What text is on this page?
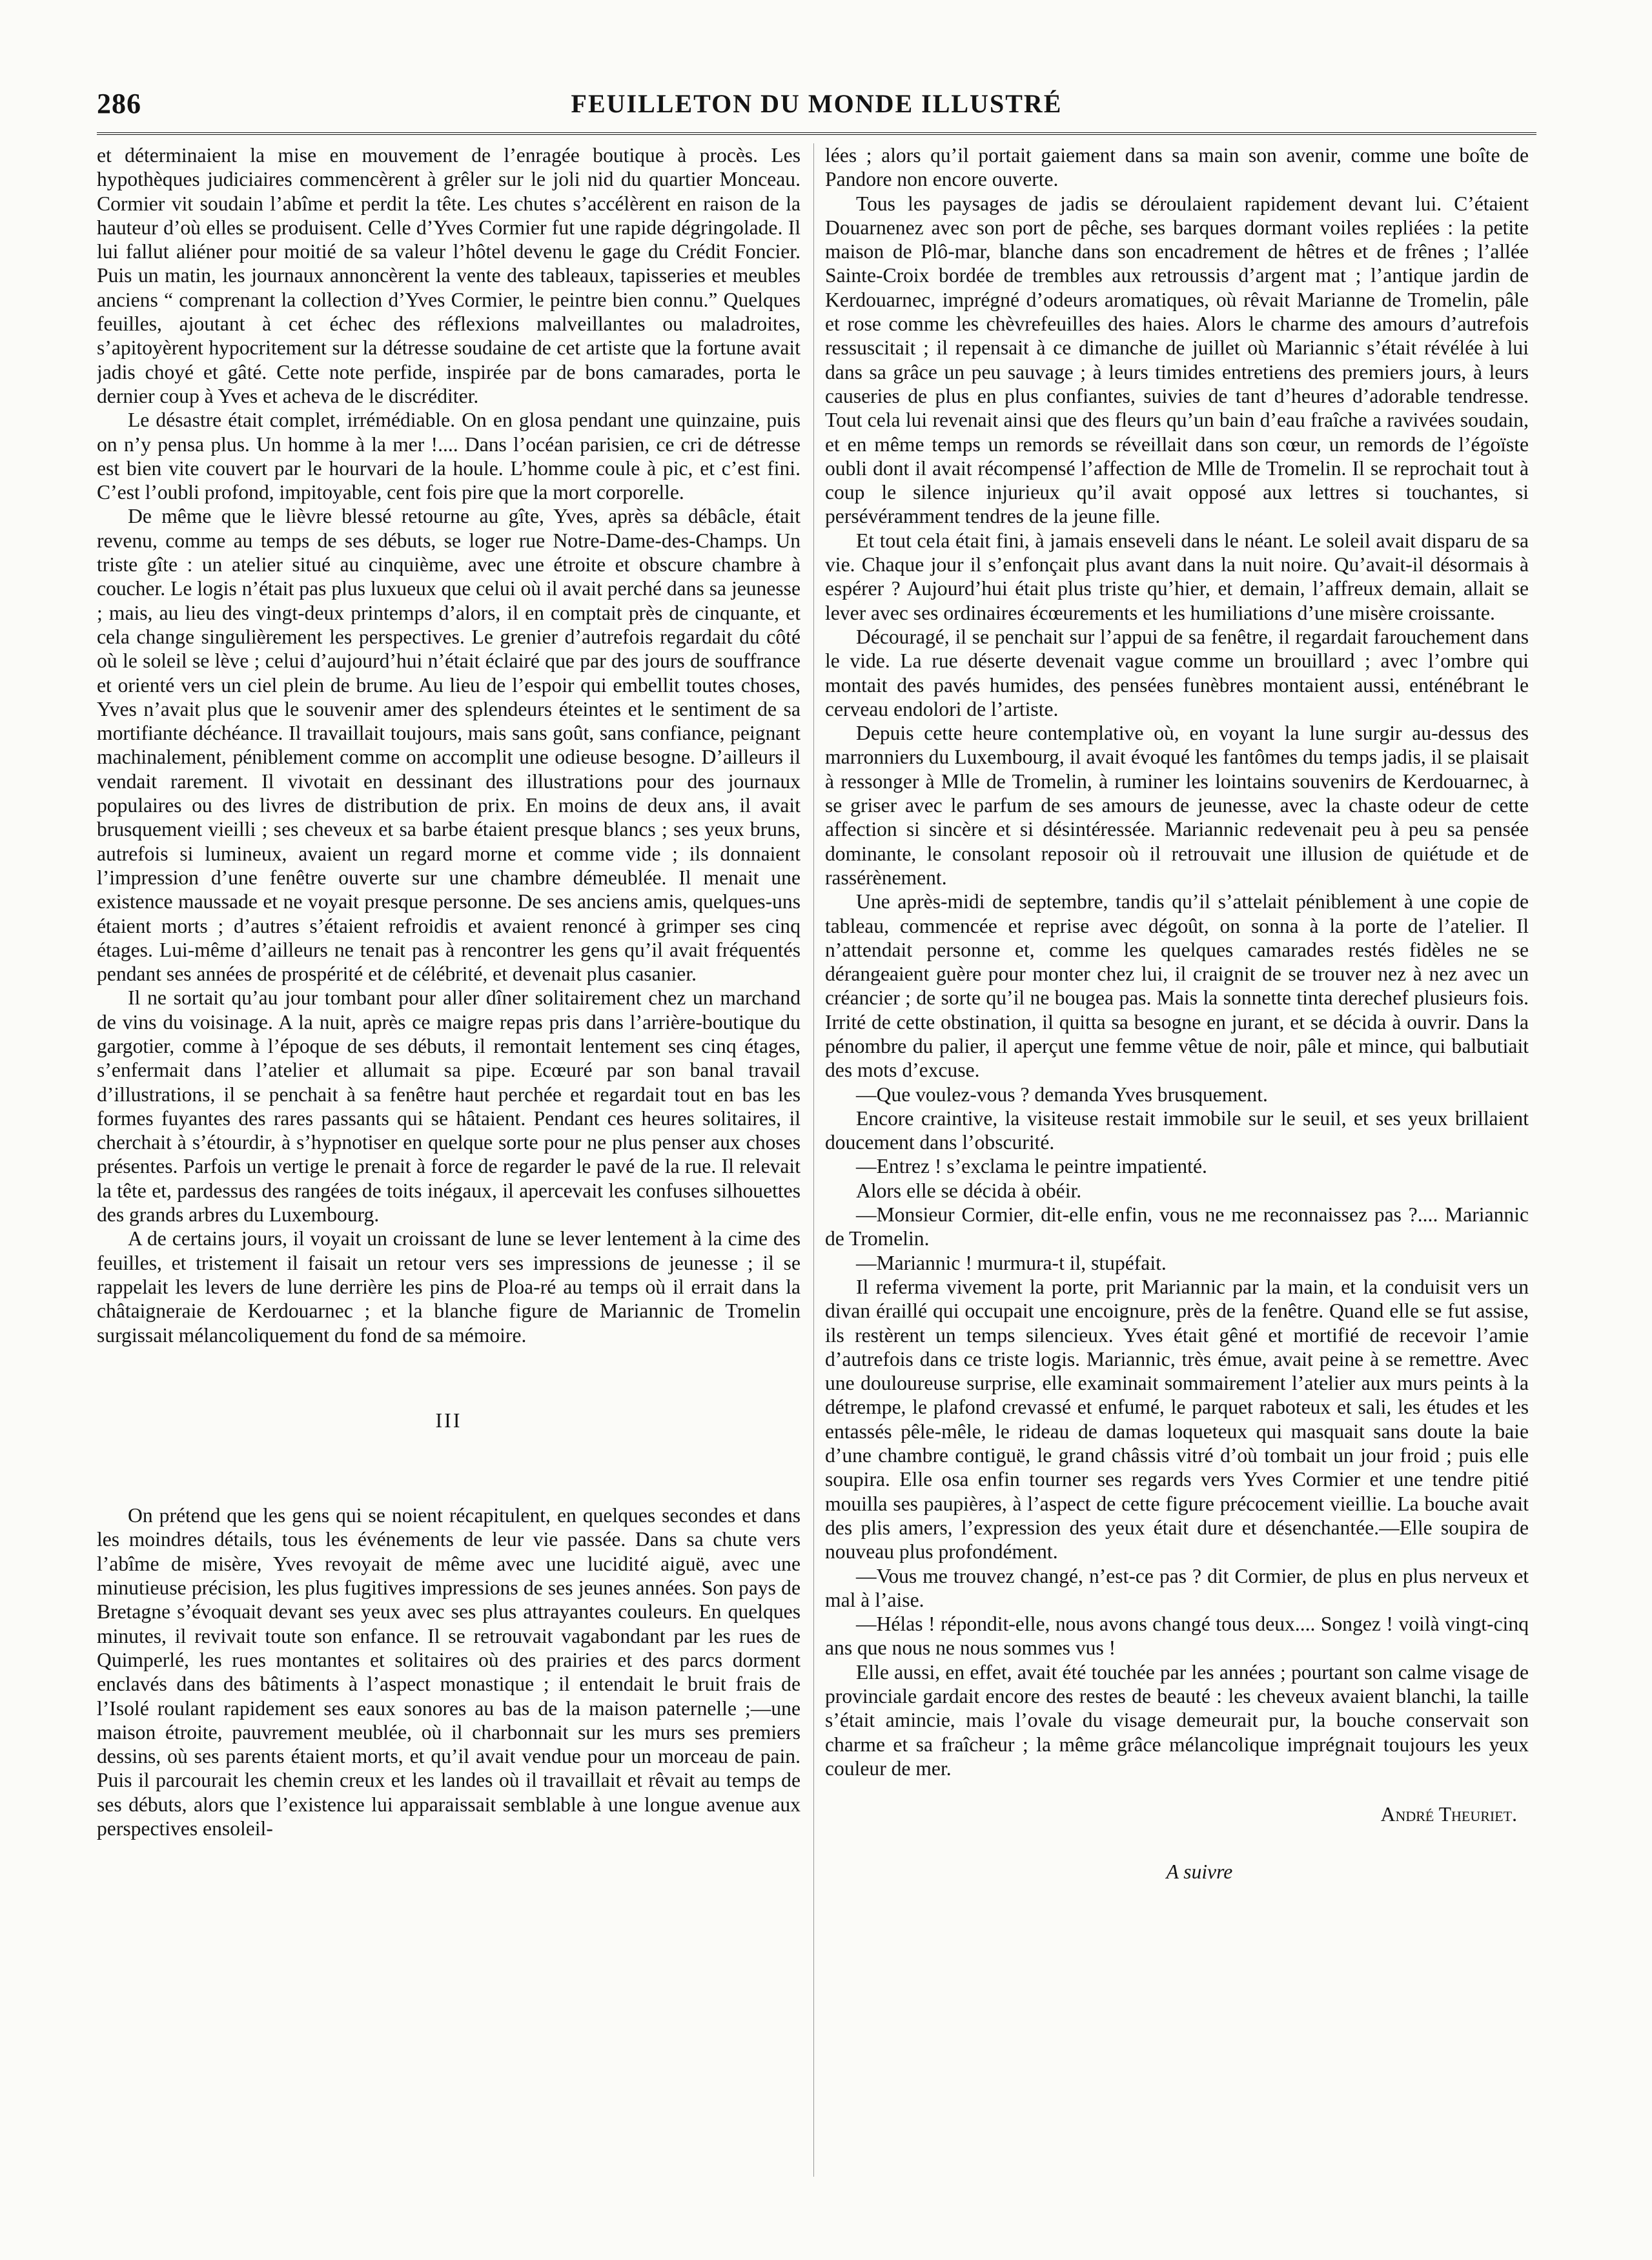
286	FEUILLETON DU MONDE ILLUSTRÉ

et déterminaient la mise en mouvement de l’enragée boutique à procès. Les hypothèques judiciaires commencèrent à grêler sur le joli nid du quartier Monceau. Cormier vit soudain l’abîme et perdit la tête. Les chutes s’accélèrent en raison de la hauteur d’où elles se produisent. Celle d’Yves Cormier fut une rapide dégringolade. Il lui fallut aliéner pour moitié de sa valeur l’hôtel devenu le gage du Crédit Foncier. Puis un matin, les journaux annoncèrent la vente des tableaux, tapisseries et meubles anciens “ comprenant la collection d’Yves Cormier, le peintre bien connu.” Quelques feuilles, ajoutant à cet échec des réflexions malveillantes ou maladroites, s’apitoyèrent hypocritement sur la détresse soudaine de cet artiste que la fortune avait jadis choyé et gâté. Cette note perfide, inspirée par de bons camarades, porta le dernier coup à Yves et acheva de le discréditer.

Le désastre était complet, irrémédiable. On en glosa pendant une quinzaine, puis on n’y pensa plus. Un homme à la mer !.... Dans l’océan parisien, ce cri de détresse est bien vite couvert par le hourvari de la houle. L’homme coule à pic, et c’est fini. C’est l’oubli profond, impitoyable, cent fois pire que la mort corporelle.

De même que le lièvre blessé retourne au gîte, Yves, après sa débâcle, était revenu, comme au temps de ses débuts, se loger rue Notre-Dame-des-Champs. Un triste gîte : un atelier situé au cinquième, avec une étroite et obscure chambre à coucher. Le logis n’était pas plus luxueux que celui où il avait perché dans sa jeunesse ; mais, au lieu des vingt-deux printemps d’alors, il en comptait près de cinquante, et cela change singulièrement les perspectives. Le grenier d’autrefois regardait du côté où le soleil se lève ; celui d’aujourd’hui n’était éclairé que par des jours de souffrance et orienté vers un ciel plein de brume. Au lieu de l’espoir qui embellit toutes choses, Yves n’avait plus que le souvenir amer des splendeurs éteintes et le sentiment de sa mortifiante déchéance. Il travaillait toujours, mais sans goût, sans confiance, peignant machinalement, péniblement comme on accomplit une odieuse besogne. D’ailleurs il vendait rarement. Il vivotait en dessinant des illustrations pour des journaux populaires ou des livres de distribution de prix. En moins de deux ans, il avait brusquement vieilli ; ses cheveux et sa barbe étaient presque blancs ; ses yeux bruns, autrefois si lumineux, avaient un regard morne et comme vide ; ils donnaient l’impression d’une fenêtre ouverte sur une chambre démeublée. Il menait une existence maussade et ne voyait presque personne. De ses anciens amis, quelques-uns étaient morts ; d’autres s’étaient refroidis et avaient renoncé à grimper ses cinq étages. Lui-même d’ailleurs ne tenait pas à rencontrer les gens qu’il avait fréquentés pendant ses années de prospérité et de célébrité, et devenait plus casanier.

Il ne sortait qu’au jour tombant pour aller dîner solitairement chez un marchand de vins du voisinage. A la nuit, après ce maigre repas pris dans l’arrière-boutique du gargotier, comme à l’époque de ses débuts, il remontait lentement ses cinq étages, s’enfermait dans l’atelier et allumait sa pipe. Ecœuré par son banal travail d’illustrations, il se penchait à sa fenêtre haut perchée et regardait tout en bas les formes fuyantes des rares passants qui se hâtaient. Pendant ces heures solitaires, il cherchait à s’étourdir, à s’hypnotiser en quelque sorte pour ne plus penser aux choses présentes. Parfois un vertige le prenait à force de regarder le pavé de la rue. Il relevait la tête et, pardessus des rangées de toits inégaux, il apercevait les confuses silhouettes des grands arbres du Luxembourg.

A de certains jours, il voyait un croissant de lune se lever lentement à la cime des feuilles, et tristement il faisait un retour vers ses impressions de jeunesse ; il se rappelait les levers de lune derrière les pins de Ploa-ré au temps où il errait dans la châtaigneraie de Kerdouarnec ; et la blanche figure de Mariannic de Tromelin surgissait mélancoliquement du fond de sa mémoire.

III

On prétend que les gens qui se noient récapitulent, en quelques secondes et dans les moindres détails, tous les événements de leur vie passée. Dans sa chute vers l’abîme de misère, Yves revoyait de même avec une lucidité aiguë, avec une minutieuse précision, les plus fugitives impressions de ses jeunes années. Son pays de Bretagne s’évoquait devant ses yeux avec ses plus attrayantes couleurs. En quelques minutes, il revivait toute son enfance. Il se retrouvait vagabondant par les rues de Quimperlé, les rues montantes et solitaires où des prairies et des parcs dorment enclavés dans des bâtiments à l’aspect monastique ; il entendait le bruit frais de l’Isolé roulant rapidement ses eaux sonores au bas de la maison paternelle ;—une maison étroite, pauvrement meublée, où il charbonnait sur les murs ses premiers dessins, où ses parents étaient morts, et qu’il avait vendue pour un morceau de pain. Puis il parcourait les chemin creux et les landes où il travaillait et rêvait au temps de ses débuts, alors que l’existence lui apparaissait semblable à une longue avenue aux perspectives ensoleil-

lées ; alors qu’il portait gaiement dans sa main son avenir, comme une boîte de Pandore non encore ouverte.

Tous les paysages de jadis se déroulaient rapidement devant lui. C’étaient Douarnenez avec son port de pêche, ses barques dormant voiles repliées : la petite maison de Plô-mar, blanche dans son encadrement de hêtres et de frênes ; l’allée Sainte-Croix bordée de trembles aux retroussis d’argent mat ; l’antique jardin de Kerdouarnec, imprégné d’odeurs aromatiques, où rêvait Marianne de Tromelin, pâle et rose comme les chèvrefeuilles des haies. Alors le charme des amours d’autrefois ressuscitait ; il repensait à ce dimanche de juillet où Mariannic s’était révélée à lui dans sa grâce un peu sauvage ; à leurs timides entretiens des premiers jours, à leurs causeries de plus en plus confiantes, suivies de tant d’heures d’adorable tendresse. Tout cela lui revenait ainsi que des fleurs qu’un bain d’eau fraîche a ravivées soudain, et en même temps un remords se réveillait dans son cœur, un remords de l’égoïste oubli dont il avait récompensé l’affection de Mlle de Tromelin. Il se reprochait tout à coup le silence injurieux qu’il avait opposé aux lettres si touchantes, si persévéramment tendres de la jeune fille.

Et tout cela était fini, à jamais enseveli dans le néant. Le soleil avait disparu de sa vie. Chaque jour il s’enfonçait plus avant dans la nuit noire. Qu’avait-il désormais à espérer ? Aujourd’hui était plus triste qu’hier, et demain, l’affreux demain, allait se lever avec ses ordinaires écœurements et les humiliations d’une misère croissante.

Découragé, il se penchait sur l’appui de sa fenêtre, il regardait farouchement dans le vide. La rue déserte devenait vague comme un brouillard ; avec l’ombre qui montait des pavés humides, des pensées funèbres montaient aussi, enténébrant le cerveau endolori de l’artiste.

Depuis cette heure contemplative où, en voyant la lune surgir au-dessus des marronniers du Luxembourg, il avait évoqué les fantômes du temps jadis, il se plaisait à ressonger à Mlle de Tromelin, à ruminer les lointains souvenirs de Kerdouarnec, à se griser avec le parfum de ses amours de jeunesse, avec la chaste odeur de cette affection si sincère et si désintéressée. Mariannic redevenait peu à peu sa pensée dominante, le consolant reposoir où il retrouvait une illusion de quiétude et de rassérènement.

Une après-midi de septembre, tandis qu’il s’attelait péniblement à une copie de tableau, commencée et reprise avec dégoût, on sonna à la porte de l’atelier. Il n’attendait personne et, comme les quelques camarades restés fidèles ne se dérangeaient guère pour monter chez lui, il craignit de se trouver nez à nez avec un créancier ; de sorte qu’il ne bougea pas. Mais la sonnette tinta derechef plusieurs fois. Irrité de cette obstination, il quitta sa besogne en jurant, et se décida à ouvrir. Dans la pénombre du palier, il aperçut une femme vêtue de noir, pâle et mince, qui balbutiait des mots d’excuse.

—Que voulez-vous ? demanda Yves brusquement.

Encore craintive, la visiteuse restait immobile sur le seuil, et ses yeux brillaient doucement dans l’obscurité.

—Entrez ! s’exclama le peintre impatienté.

Alors elle se décida à obéir.

—Monsieur Cormier, dit-elle enfin, vous ne me reconnaissez pas ?.... Mariannic de Tromelin.

—Mariannic ! murmura-t il, stupéfait.

Il referma vivement la porte, prit Mariannic par la main, et la conduisit vers un divan éraillé qui occupait une encoignure, près de la fenêtre. Quand elle se fut assise, ils restèrent un temps silencieux. Yves était gêné et mortifié de recevoir l’amie d’autrefois dans ce triste logis. Mariannic, très émue, avait peine à se remettre. Avec une douloureuse surprise, elle examinait sommairement l’atelier aux murs peints à la détrempe, le plafond crevassé et enfumé, le parquet raboteux et sali, les études et les entassés pêle-mêle, le rideau de damas loqueteux qui masquait sans doute la baie d’une chambre contiguë, le grand châssis vitré d’où tombait un jour froid ; puis elle soupira. Elle osa enfin tourner ses regards vers Yves Cormier et une tendre pitié mouilla ses paupières, à l’aspect de cette figure précocement vieillie. La bouche avait des plis amers, l’expression des yeux était dure et désenchantée.—Elle soupira de nouveau plus profondément.

—Vous me trouvez changé, n’est-ce pas ? dit Cormier, de plus en plus nerveux et mal à l’aise.

—Hélas ! répondit-elle, nous avons changé tous deux.... Songez ! voilà vingt-cinq ans que nous ne nous sommes vus !

Elle aussi, en effet, avait été touchée par les années ; pourtant son calme visage de provinciale gardait encore des restes de beauté : les cheveux avaient blanchi, la taille s’était amincie, mais l’ovale du visage demeurait pur, la bouche conservait son charme et sa fraîcheur ; la même grâce mélancolique imprégnait toujours les yeux couleur de mer.

André Theuriet.

A suivre
